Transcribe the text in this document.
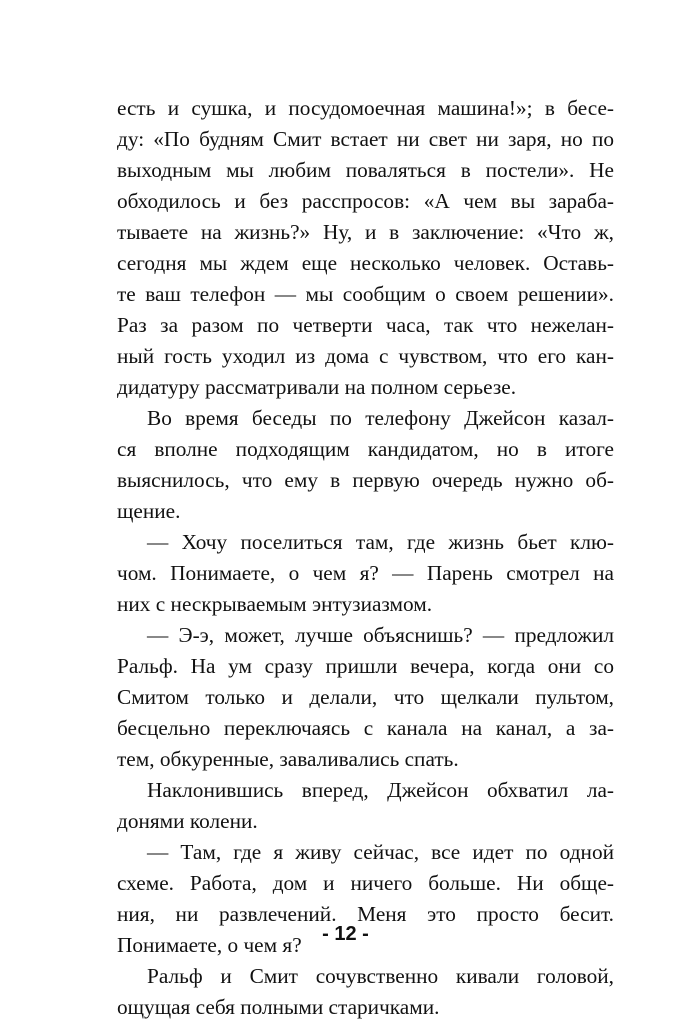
есть и сушка, и посудомоечная машина!»; в бесе-
ду: «По будням Смит встает ни свет ни заря, но по
выходным мы любим поваляться в постели». Не
обходилось и без расспросов: «А чем вы зараба-
тываете на жизнь?» Ну, и в заключение: «Что ж,
сегодня мы ждем еще несколько человек. Оставь-
те ваш телефон — мы сообщим о своем решении».
Раз за разом по четверти часа, так что нежелан-
ный гость уходил из дома с чувством, что его кан-
дидатуру рассматривали на полном серьезе.
Во время беседы по телефону Джейсон казал-
ся вполне подходящим кандидатом, но в итоге
выяснилось, что ему в первую очередь нужно об-
щение.
— Хочу поселиться там, где жизнь бьет клю-
чом. Понимаете, о чем я? — Парень смотрел на
них с нескрываемым энтузиазмом.
— Э-э, может, лучше объяснишь? — предложил
Ральф. На ум сразу пришли вечера, когда они со
Смитом только и делали, что щелкали пультом,
бесцельно переключаясь с канала на канал, а за-
тем, обкуренные, заваливались спать.
Наклонившись вперед, Джейсон обхватил ла-
донями колени.
— Там, где я живу сейчас, все идет по одной
схеме. Работа, дом и ничего больше. Ни обще-
ния, ни развлечений. Меня это просто бесит.
Понимаете, о чем я?
Ральф и Смит сочувственно кивали головой,
ощущая себя полными старичками.
- 12 -
